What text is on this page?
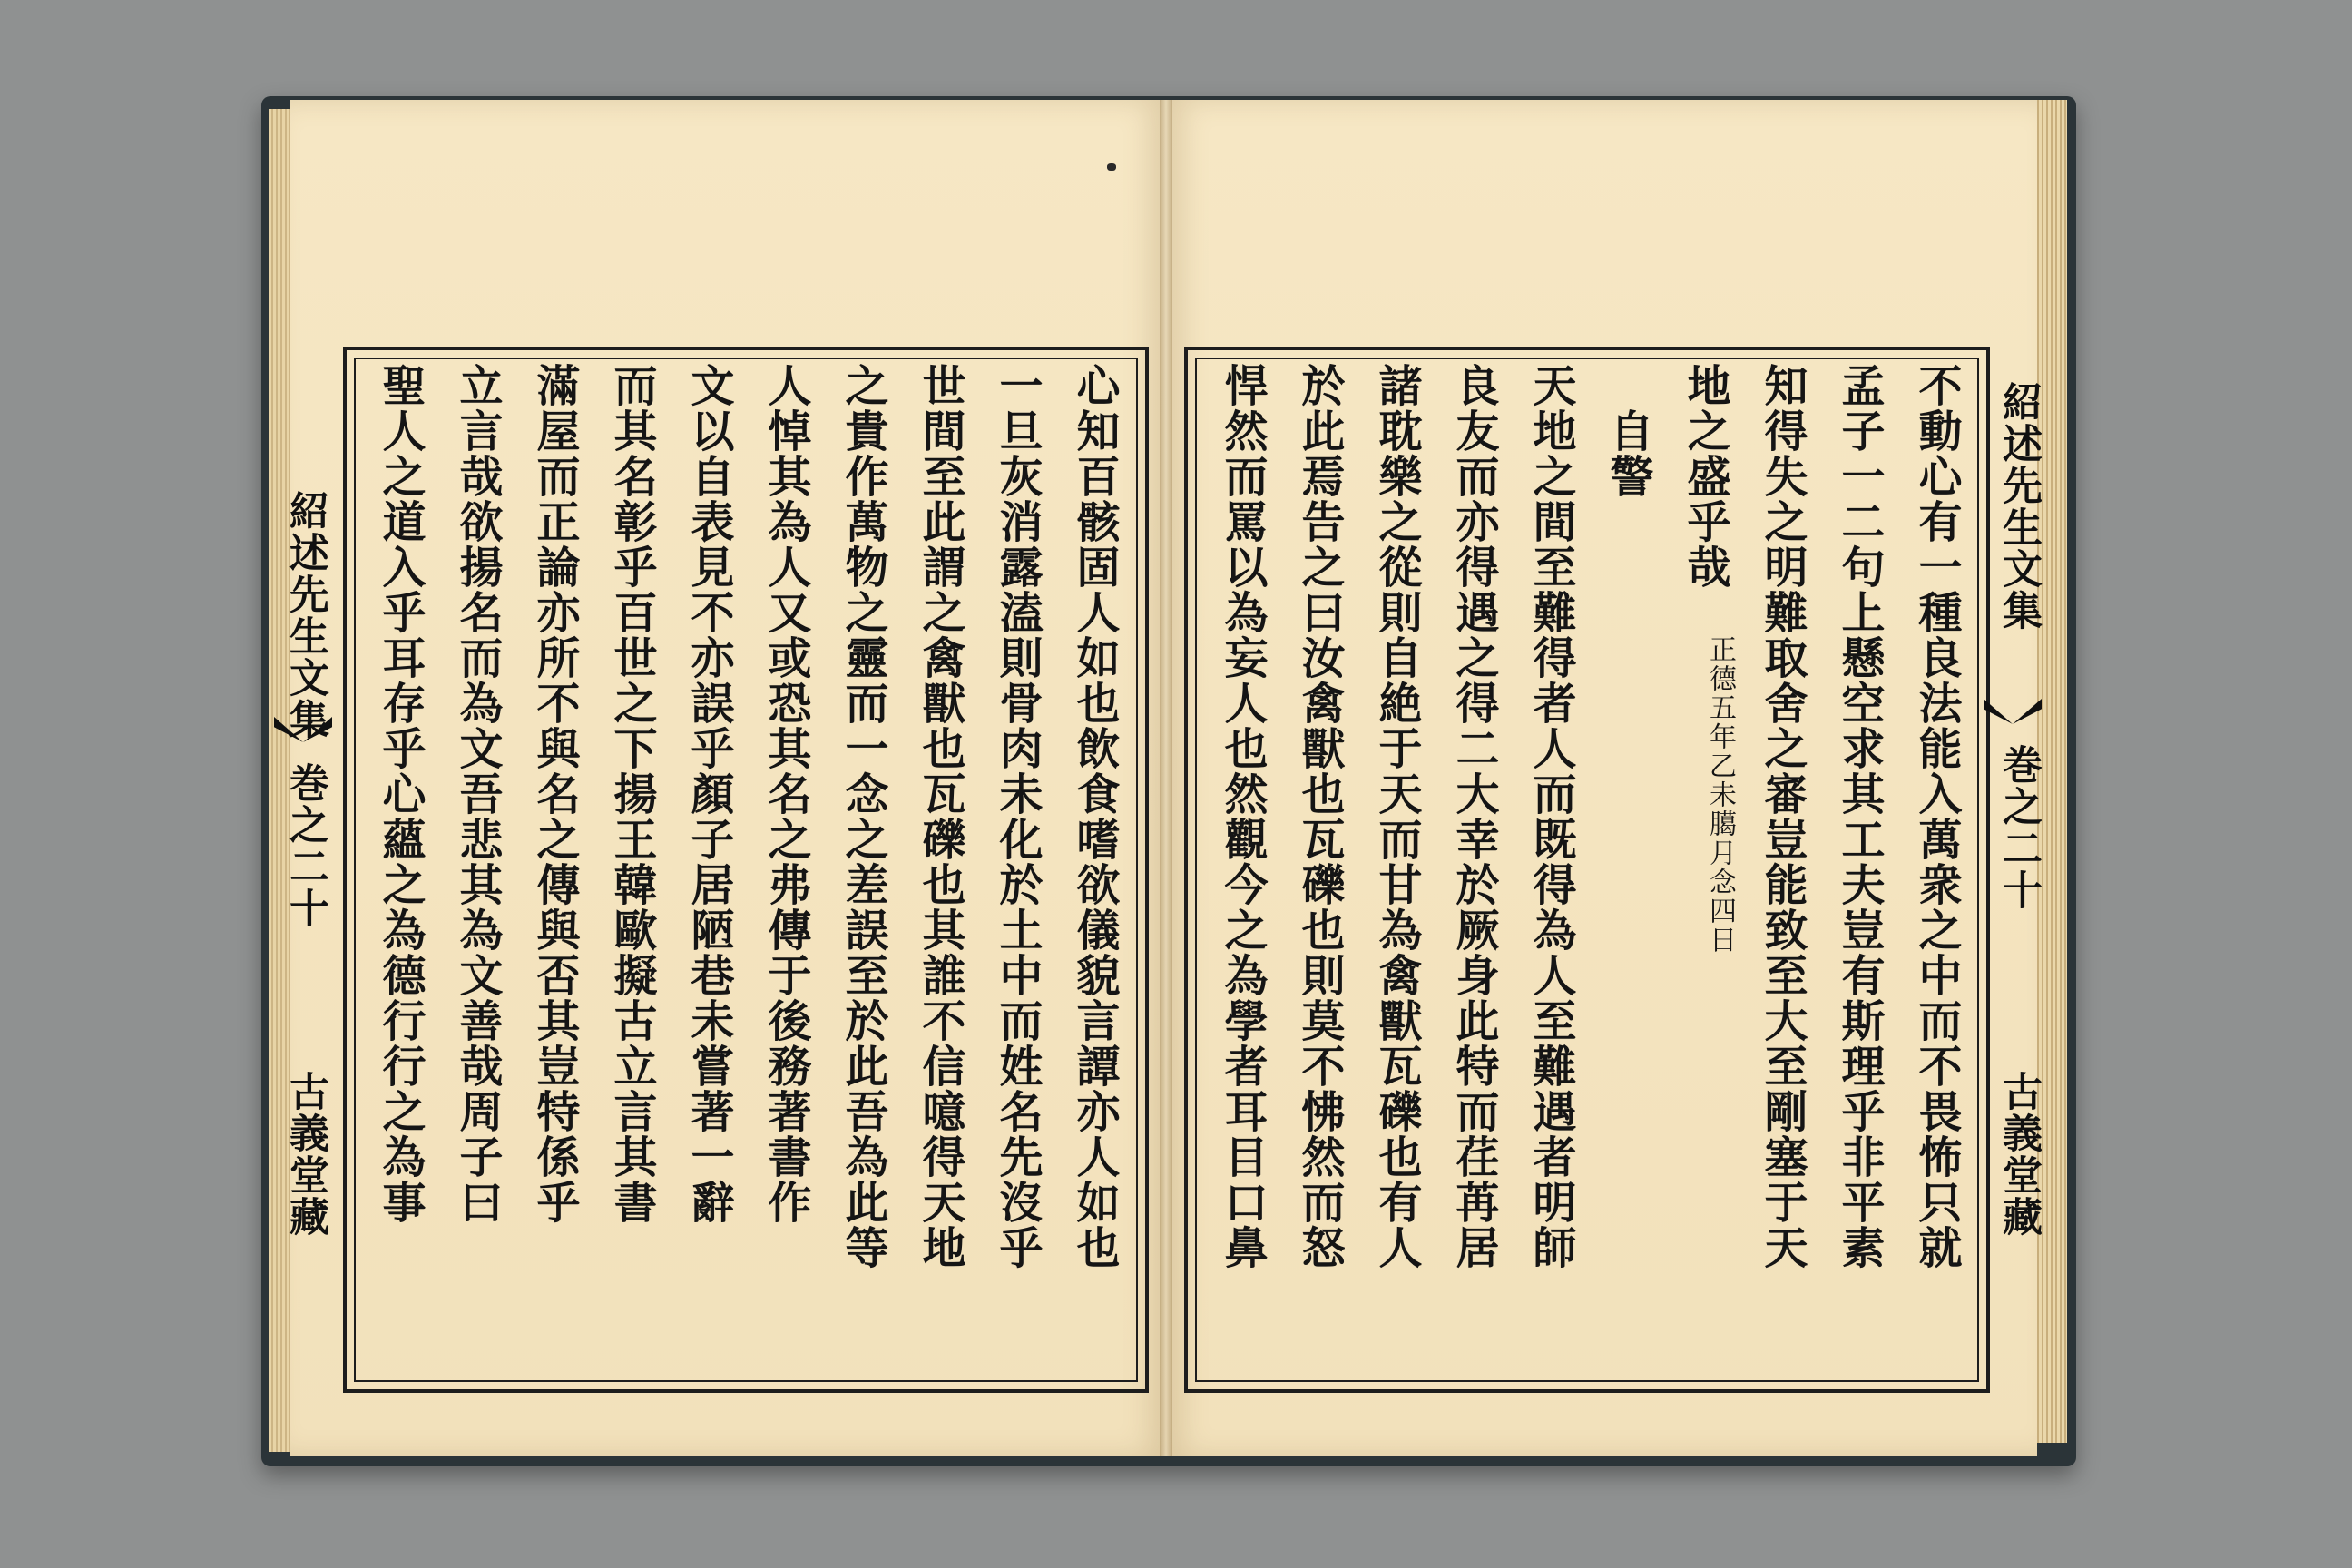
紹述先生文集
巻之二十
古義堂藏
紹述先生文集
巻之二十
古義堂藏

心知百骸固人如也飲食嗜欲儀貌言譚亦人如也
一旦灰消露溘則骨肉未化於土中而姓名先沒乎
世間至此謂之禽獸也瓦礫也其誰不信噫得天地
之貴作萬物之靈而一念之差誤至於此吾為此等
人悼其為人又或恐其名之弗傳于後務著書作
文以自表見不亦誤乎顏子居陋巷未嘗著一辭
而其名彰乎百世之下揚王韓歐擬古立言其書
滿屋而正論亦所不與名之傳與否其豈特係乎
立言哉欲揚名而為文吾悲其為文善哉周子曰
聖人之道入乎耳存乎心蘊之為德行行之為事	不動心有一種良法能入萬衆之中而不畏怖只就
孟子一二句上懸空求其工夫豈有斯理乎非平素
知得失之明難取舍之審豈能致至大至剛塞于天
地之盛乎哉
正德五年乙未臈月念四日
自警
天地之間至難得者人而既得為人至難遇者明師
良友而亦得遇之得二大幸於厥身此特而荏苒居
諸耽樂之從則自絶于天而甘為禽獸瓦礫也有人
於此焉告之曰汝禽獸也瓦礫也則莫不怫然而怒
悍然而罵以為妄人也然觀今之為學者耳目口鼻
